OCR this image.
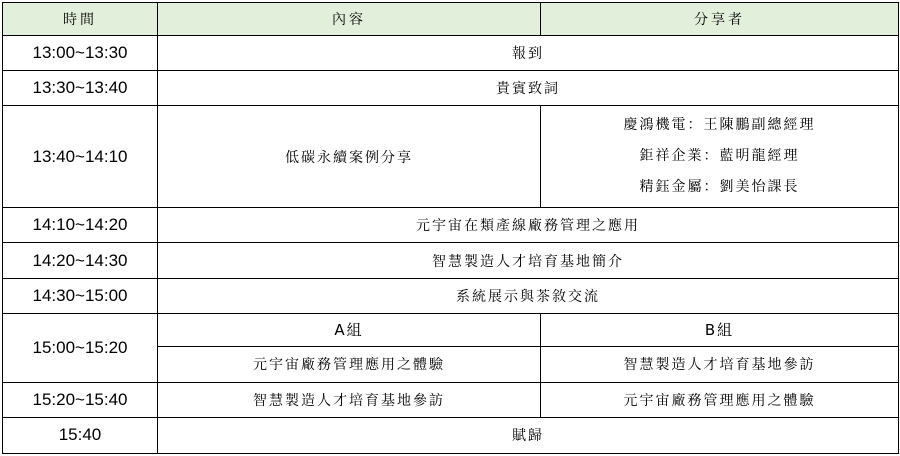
時間	內容	分享者
13:00~13:30	報到	
13:30~13:40	貴賓致詞	
13:40~14:10	低碳永續案例分享	慶鴻機電：王陳鵬副總經理
鉅祥企業：藍明龍經理
精鈺金屬：劉美怡課長

14:10~14:20	元宇宙在類產線廠務管理之應用	
14:20~14:30	智慧製造人才培育基地簡介	
14:30~15:00	系統展示與茶敘交流	
15:00~15:20	A組	B組
	元宇宙廠務管理應用之體驗	智慧製造人才培育基地參訪
15:20~15:40	智慧製造人才培育基地參訪	元宇宙廠務管理應用之體驗
15:40	賦歸	
